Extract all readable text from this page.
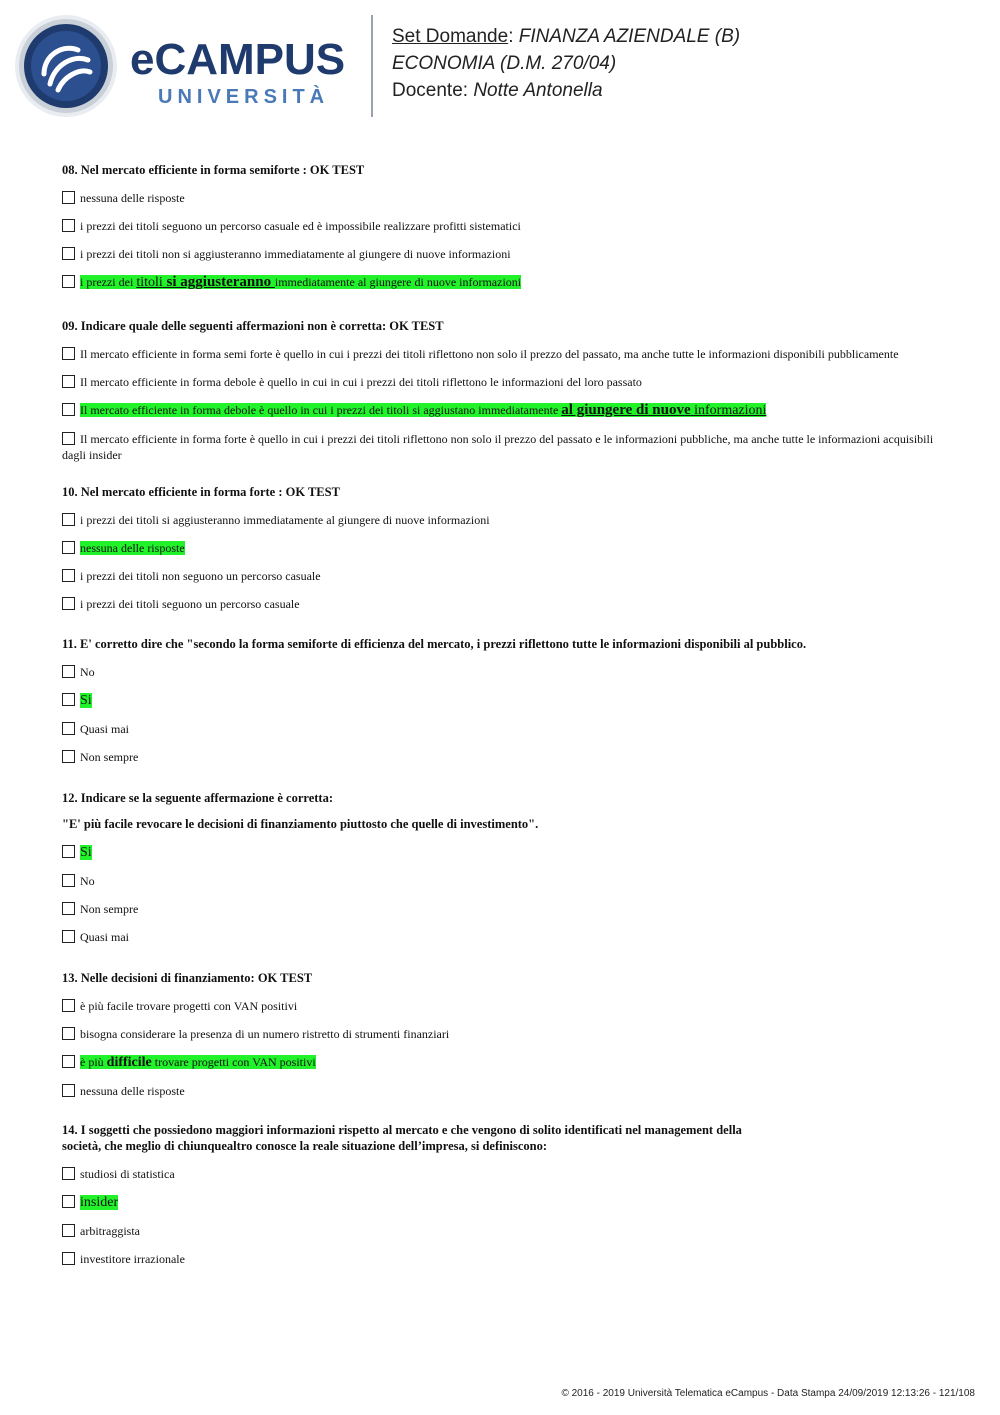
eCAMPUS
UNIVERSITÀ
Set Domande: FINANZA AZIENDALE (B)
ECONOMIA (D.M. 270/04)
Docente: Notte Antonella
08. Nel mercato efficiente in forma semiforte : OK TEST
nessuna delle risposte
i prezzi dei titoli seguono un percorso casuale ed è impossibile realizzare profitti sistematici
i prezzi dei titoli non si aggiusteranno immediatamente al giungere di nuove informazioni
i prezzi dei titoli si aggiusteranno immediatamente al giungere di nuove informazioni
09. Indicare quale delle seguenti affermazioni non è corretta: OK TEST
Il mercato efficiente in forma semi forte è quello in cui i prezzi dei titoli riflettono non solo il prezzo del passato, ma anche tutte le informazioni disponibili pubblicamente
Il mercato efficiente in forma debole è quello in cui in cui i prezzi dei titoli riflettono le informazioni del loro passato
Il mercato efficiente in forma debole è quello in cui i prezzi dei titoli si aggiustano immediatamente al giungere di nuove informazioni
Il mercato efficiente in forma forte è quello in cui i prezzi dei titoli riflettono non solo il prezzo del passato e le informazioni pubbliche, ma anche tutte le informazioni acquisibili dagli insider
10. Nel mercato efficiente in forma forte : OK TEST
i prezzi dei titoli si aggiusteranno immediatamente al giungere di nuove informazioni
nessuna delle risposte
i prezzi dei titoli non seguono un percorso casuale
i prezzi dei titoli seguono un percorso casuale
11. E' corretto dire che "secondo la forma semiforte di efficienza del mercato, i prezzi riflettono tutte le informazioni disponibili al pubblico.
No
Si
Quasi mai
Non sempre
12. Indicare se la seguente affermazione è corretta:
"E' più facile revocare le decisioni di finanziamento piuttosto che quelle di investimento".
Si
No
Non sempre
Quasi mai
13. Nelle decisioni di finanziamento: OK TEST
è più facile trovare progetti con VAN positivi
bisogna considerare la presenza di un numero ristretto di strumenti finanziari
è più difficile trovare progetti con VAN positivi
nessuna delle risposte
14. I soggetti che possiedono maggiori informazioni rispetto al mercato e che vengono di solito identificati nel management della
società, che meglio di chiunquealtro conosce la reale situazione dell’impresa, si definiscono:
studiosi di statistica
insider
arbitraggista
investitore irrazionale
© 2016 - 2019 Università Telematica eCampus - Data Stampa 24/09/2019 12:13:26 - 121/108
